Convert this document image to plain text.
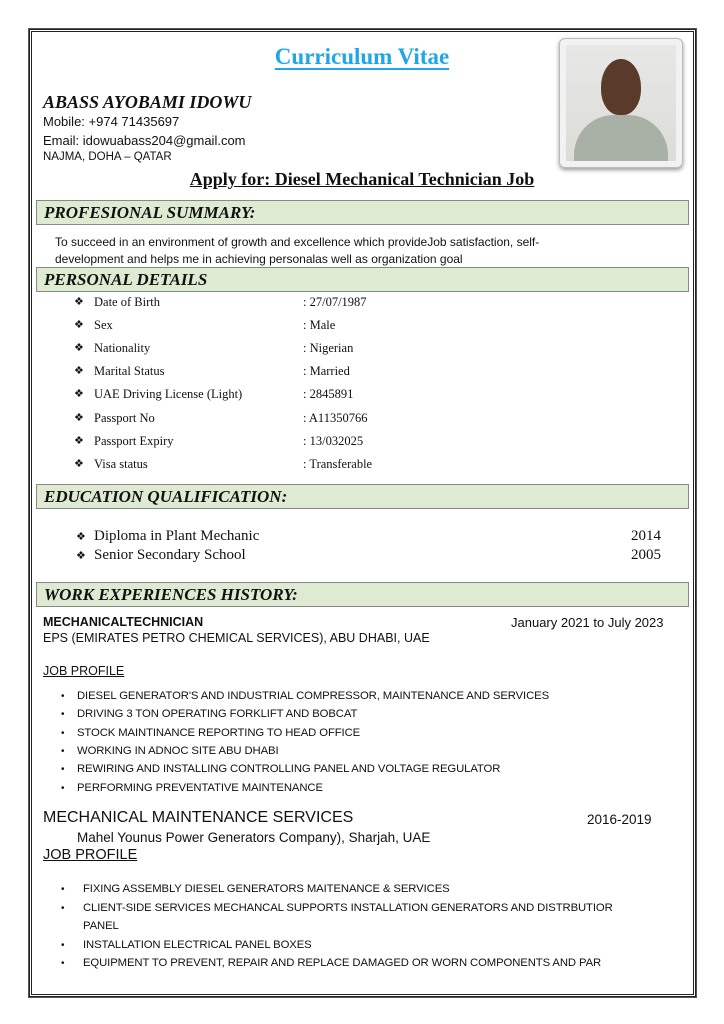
Curriculum Vitae
ABASS AYOBAMI IDOWU
Mobile: +974 71435697
Email: idowuabass204@gmail.com
NAJMA, DOHA – QATAR
Apply for: Diesel Mechanical Technician Job
PROFESIONAL SUMMARY:
To succeed in an environment of growth and excellence which provideJob satisfaction, self-
development and helps me in achieving personalas well as organization goal
PERSONAL DETAILS
❖ Date of Birth	: 27/07/1987
❖ Sex	: Male
❖ Nationality	: Nigerian
❖ Marital Status	: Married
❖ UAE Driving License (Light)	: 2845891
❖ Passport No	: A11350766
❖ Passport Expiry	: 13/032025
❖ Visa status	: Transferable
EDUCATION QUALIFICATION:
❖ Diploma in Plant Mechanic	2014
❖ Senior Secondary School	2005
WORK EXPERIENCES HISTORY:
MECHANICALTECHNICIAN	January 2021 to July 2023
EPS (EMIRATES PETRO CHEMICAL SERVICES), ABU DHABI, UAE
JOB PROFILE
• DIESEL GENERATOR'S AND INDUSTRIAL COMPRESSOR, MAINTENANCE AND SERVICES
• DRIVING 3 TON OPERATING FORKLIFT AND BOBCAT
• STOCK MAINTINANCE REPORTING TO HEAD OFFICE
• WORKING IN ADNOC SITE ABU DHABI
• REWIRING AND INSTALLING CONTROLLING PANEL AND VOLTAGE REGULATOR
• PERFORMING PREVENTATIVE MAINTENANCE
MECHANICAL MAINTENANCE SERVICES	2016-2019
Mahel Younus Power Generators Company), Sharjah, UAE
JOB PROFILE
• FIXING ASSEMBLY DIESEL GENERATORS MAITENANCE & SERVICES
• CLIENT-SIDE SERVICES MECHANCAL SUPPORTS INSTALLATION GENERATORS AND DISTRBUTIOR
PANEL
• INSTALLATION ELECTRICAL PANEL BOXES
• EQUIPMENT TO PREVENT, REPAIR AND REPLACE DAMAGED OR WORN COMPONENTS AND PAR
